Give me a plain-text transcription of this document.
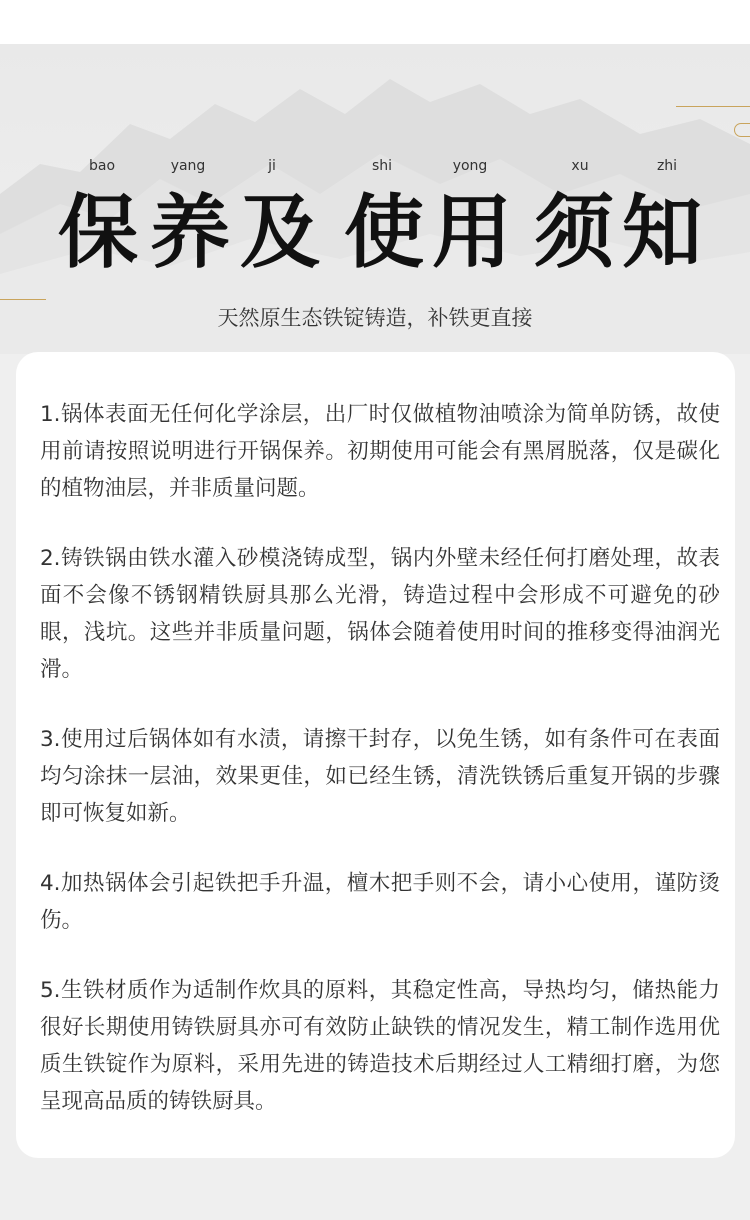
bao	yang	ji	shi	yong	xu	zhi
保 养 及 使 用 须 知
天然原生态铁锭铸造，补铁更直接

1.锅体表面无任何化学涂层，出厂时仅做植物油喷涂为简单防锈，故使用前请按照说明进行开锅保养。初期使用可能会有黑屑脱落，仅是碳化的植物油层，并非质量问题。

2.铸铁锅由铁水灌入砂模浇铸成型，锅内外壁未经任何打磨处理，故表面不会像不锈钢精铁厨具那么光滑，铸造过程中会形成不可避免的砂眼，浅坑。这些并非质量问题，锅体会随着使用时间的推移变得油润光滑。

3.使用过后锅体如有水渍，请擦干封存，以免生锈，如有条件可在表面均匀涂抹一层油，效果更佳，如已经生锈，清洗铁锈后重复开锅的步骤即可恢复如新。

4.加热锅体会引起铁把手升温，檀木把手则不会，请小心使用，谨防烫伤。

5.生铁材质作为适制作炊具的原料，其稳定性高，导热均匀，储热能力很好长期使用铸铁厨具亦可有效防止缺铁的情况发生，精工制作选用优质生铁锭作为原料，采用先进的铸造技术后期经过人工精细打磨，为您呈现高品质的铸铁厨具。
